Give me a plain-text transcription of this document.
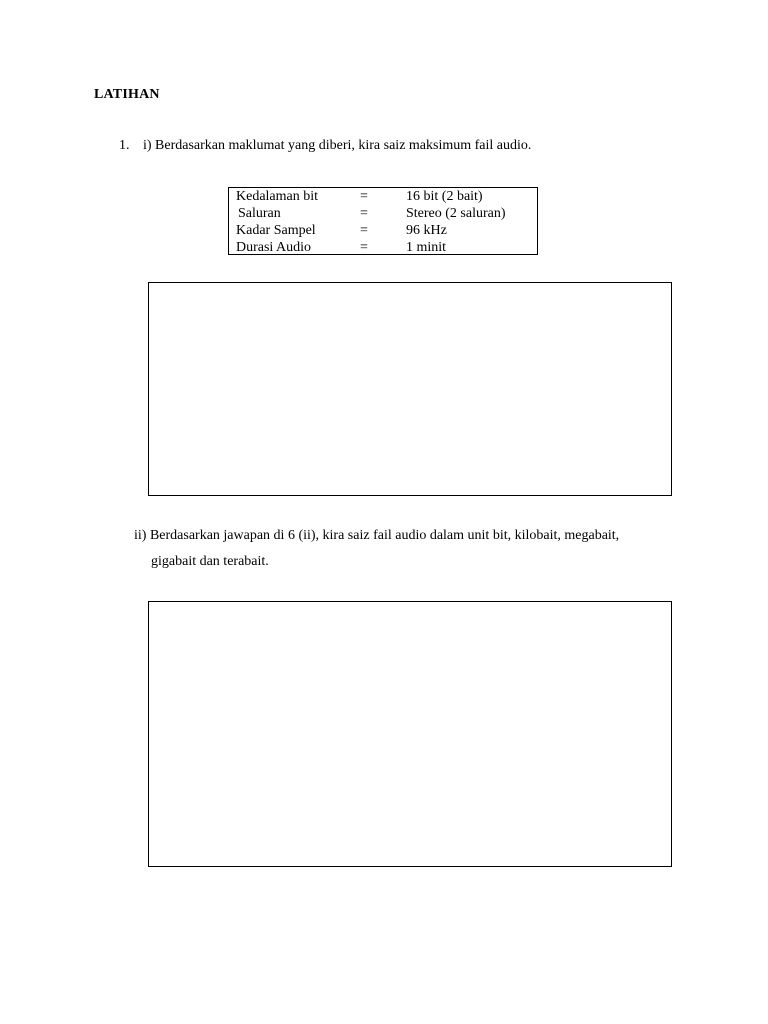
LATIHAN
1. i) Berdasarkan maklumat yang diberi, kira saiz maksimum fail audio.
Kedalaman bit	=	16 bit (2 bait)
Saluran	=	Stereo (2 saluran)
Kadar Sampel	=	96 kHz
Durasi Audio	=	1 minit
ii) Berdasarkan jawapan di 6 (ii), kira saiz fail audio dalam unit bit, kilobait, megabait,
gigabait dan terabait.
